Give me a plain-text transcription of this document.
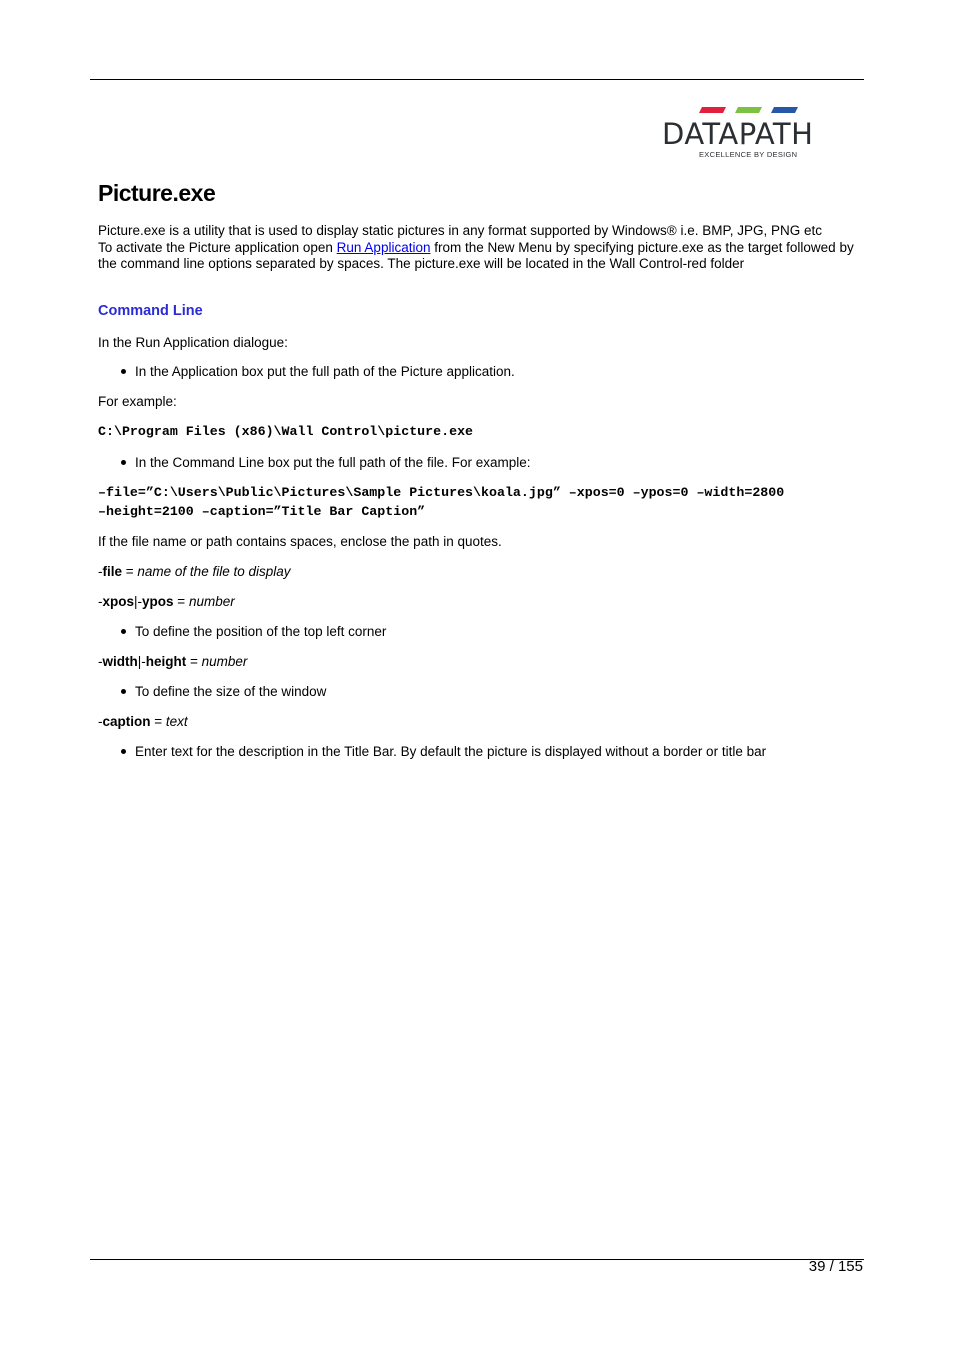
DATAPATH
EXCELLENCE BY DESIGN
Picture.exe

Picture.exe is a utility that is used to display static pictures in any format supported by Windows® i.e. BMP, JPG, PNG etc
To activate the Picture application open Run Application from the New Menu by specifying picture.exe as the target followed by
the command line options separated by spaces. The picture.exe will be located in the Wall Control-red folder

Command Line

In the Run Application dialogue:

In the Application box put the full path of the Picture application.

For example:

C:\Program Files (x86)\Wall Control\picture.exe
In the Command Line box put the full path of the file. For example:
–file=”C:\Users\Public\Pictures\Sample Pictures\koala.jpg” –xpos=0 –ypos=0 –width=2800
–height=2100 –caption=”Title Bar Caption”

If the file name or path contains spaces, enclose the path in quotes.

-file = name of the file to display

-xpos|-ypos = number

To define the position of the top left corner

-width|-height = number

To define the size of the window

-caption = text

Enter text for the description in the Title Bar. By default the picture is displayed without a border or title bar
39 / 155
